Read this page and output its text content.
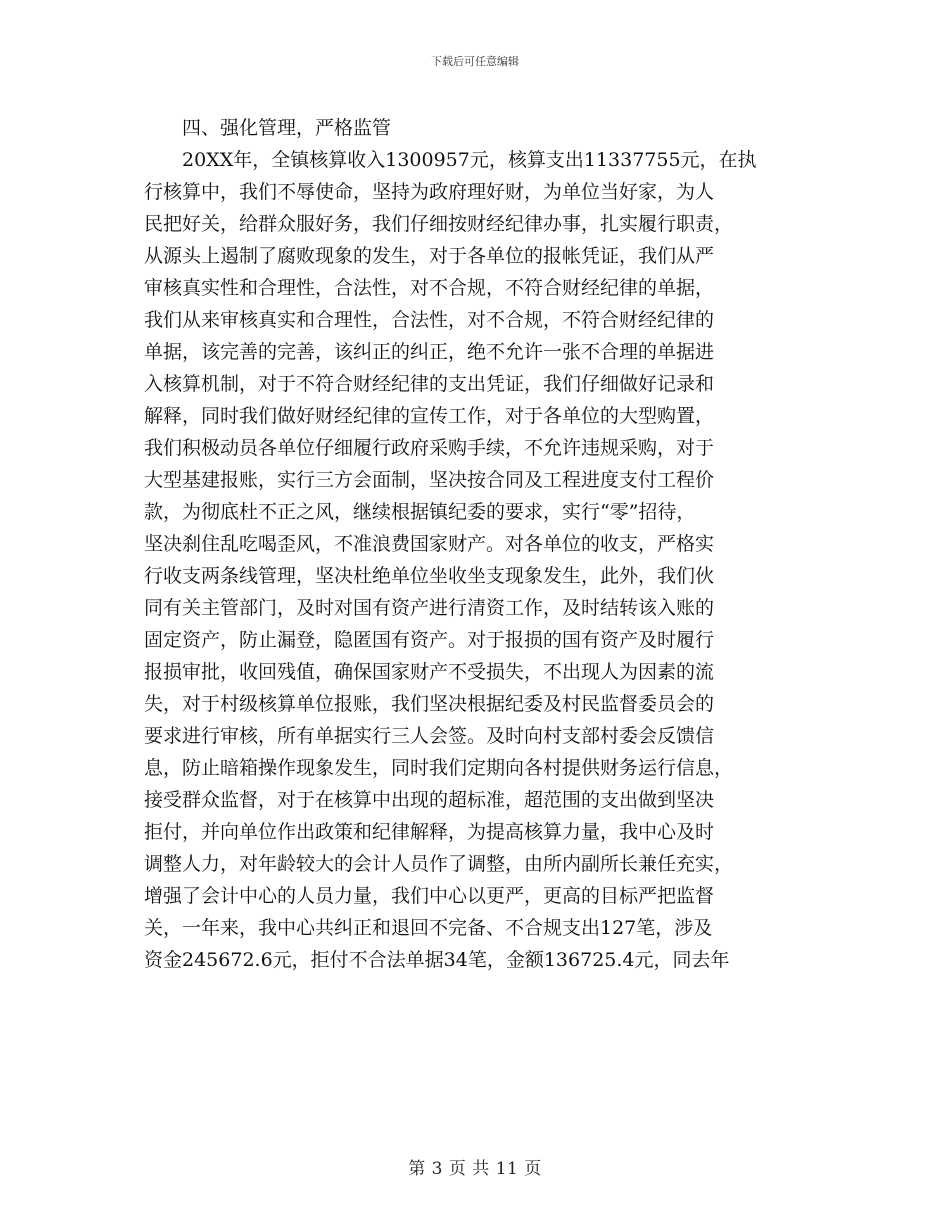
下载后可任意编辑
四、强化管理，严格监管
20XX年，全镇核算收入1300957元，核算支出11337755元，在执
行核算中，我们不辱使命，坚持为政府理好财，为单位当好家，为人
民把好关，给群众服好务，我们仔细按财经纪律办事，扎实履行职责，
从源头上遏制了腐败现象的发生，对于各单位的报帐凭证，我们从严
审核真实性和合理性，合法性，对不合规，不符合财经纪律的单据，
我们从来审核真实和合理性，合法性，对不合规，不符合财经纪律的
单据，该完善的完善，该纠正的纠正，绝不允许一张不合理的单据进
入核算机制，对于不符合财经纪律的支出凭证，我们仔细做好记录和
解释，同时我们做好财经纪律的宣传工作，对于各单位的大型购置，
我们积极动员各单位仔细履行政府采购手续，不允许违规采购，对于
大型基建报账，实行三方会面制，坚决按合同及工程进度支付工程价
款，为彻底杜不正之风，继续根据镇纪委的要求，实行“零”招待，
坚决刹住乱吃喝歪风，不准浪费国家财产。对各单位的收支，严格实
行收支两条线管理，坚决杜绝单位坐收坐支现象发生，此外，我们伙
同有关主管部门，及时对国有资产进行清资工作，及时结转该入账的
固定资产，防止漏登，隐匿国有资产。对于报损的国有资产及时履行
报损审批，收回残值，确保国家财产不受损失，不出现人为因素的流
失，对于村级核算单位报账，我们坚决根据纪委及村民监督委员会的
要求进行审核，所有单据实行三人会签。及时向村支部村委会反馈信
息，防止暗箱操作现象发生，同时我们定期向各村提供财务运行信息，
接受群众监督，对于在核算中出现的超标准，超范围的支出做到坚决
拒付，并向单位作出政策和纪律解释，为提高核算力量，我中心及时
调整人力，对年龄较大的会计人员作了调整，由所内副所长兼任充实，
增强了会计中心的人员力量，我们中心以更严，更高的目标严把监督
关，一年来，我中心共纠正和退回不完备、不合规支出127笔，涉及
资金245672.6元，拒付不合法单据34笔，金额136725.4元，同去年
第 3 页 共 11 页
